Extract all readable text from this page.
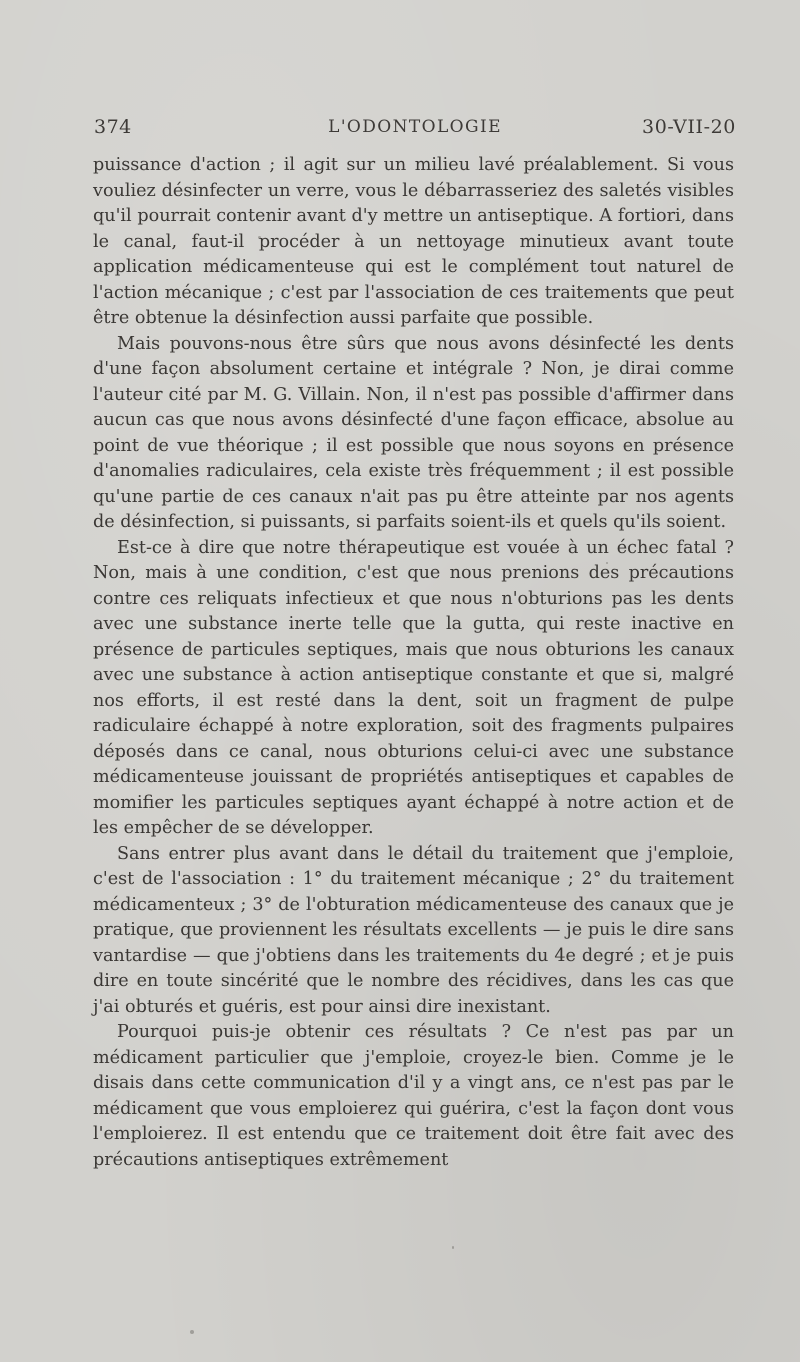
374	L'ODONTOLOGIE	30-VII-20

puissance d'action ; il agit sur un milieu lavé préalablement. Si vous vouliez désinfecter un verre, vous le débarrasseriez des saletés visibles qu'il pourrait contenir avant d'y mettre un antiseptique. A fortiori, dans le canal, faut-il procéder à un nettoyage minutieux avant toute application médicamenteuse qui est le complément tout naturel de l'action mécanique ; c'est par l'association de ces traitements que peut être obtenue la désinfection aussi parfaite que possible.

Mais pouvons-nous être sûrs que nous avons désinfecté les dents d'une façon absolument certaine et intégrale ? Non, je dirai comme l'auteur cité par M. G. Villain. Non, il n'est pas possible d'affirmer dans aucun cas que nous avons désinfecté d'une façon efficace, absolue au point de vue théorique ; il est possible que nous soyons en présence d'anomalies radiculaires, cela existe très fréquemment ; il est possible qu'une partie de ces canaux n'ait pas pu être atteinte par nos agents de désinfection, si puissants, si parfaits soient-ils et quels qu'ils soient.

Est-ce à dire que notre thérapeutique est vouée à un échec fatal ? Non, mais à une condition, c'est que nous prenions des précautions contre ces reliquats infectieux et que nous n'obturions pas les dents avec une substance inerte telle que la gutta, qui reste inactive en présence de particules septiques, mais que nous obturions les canaux avec une substance à action antiseptique constante et que si, malgré nos efforts, il est resté dans la dent, soit un fragment de pulpe radiculaire échappé à notre exploration, soit des fragments pulpaires déposés dans ce canal, nous obturions celui-ci avec une substance médicamenteuse jouissant de propriétés antiseptiques et capables de momifier les particules septiques ayant échappé à notre action et de les empêcher de se développer.

Sans entrer plus avant dans le détail du traitement que j'emploie, c'est de l'association : 1° du traitement mécanique ; 2° du traitement médicamenteux ; 3° de l'obturation médicamenteuse des canaux que je pratique, que proviennent les résultats excellents — je puis le dire sans vantardise — que j'obtiens dans les traitements du 4e degré ; et je puis dire en toute sincérité que le nombre des récidives, dans les cas que j'ai obturés et guéris, est pour ainsi dire inexistant.

Pourquoi puis-je obtenir ces résultats ? Ce n'est pas par un médicament particulier que j'emploie, croyez-le bien. Comme je le disais dans cette communication d'il y a vingt ans, ce n'est pas par le médicament que vous emploierez qui guérira, c'est la façon dont vous l'emploierez. Il est entendu que ce traitement doit être fait avec des précautions antiseptiques extrêmement
